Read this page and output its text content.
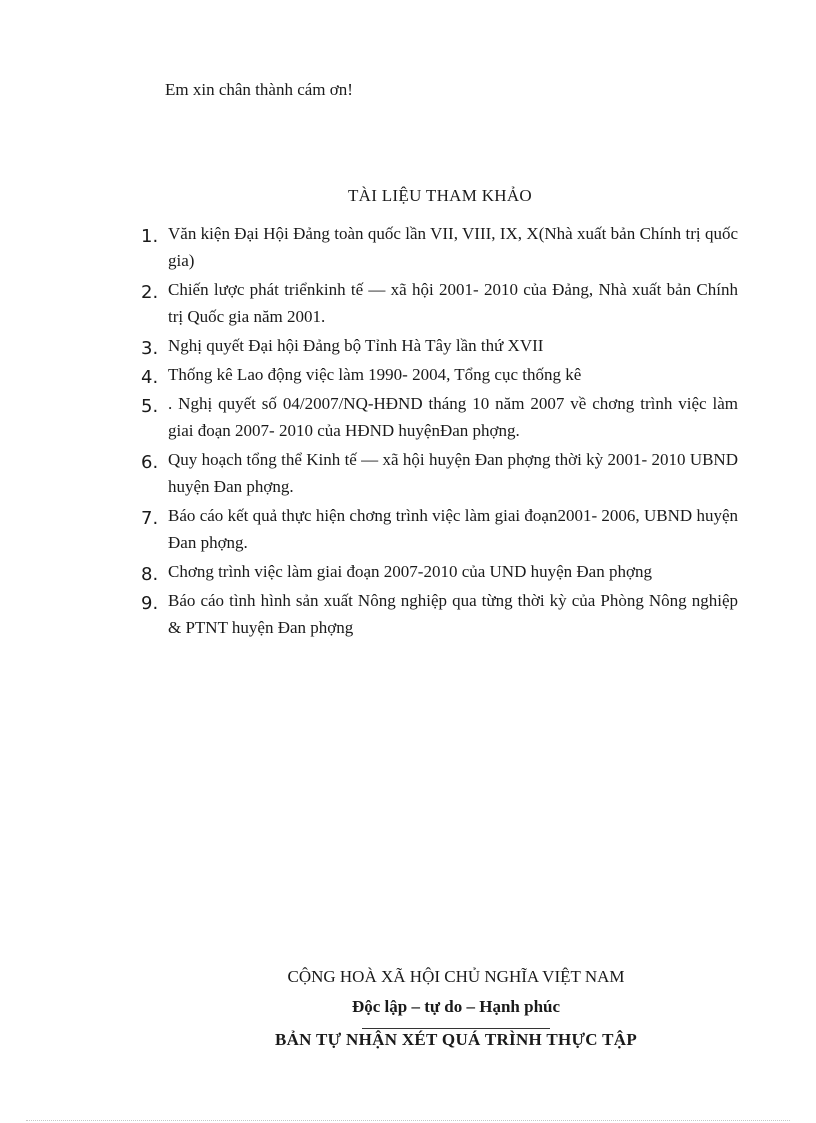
Em xin chân thành cám ơn!
TÀI LIỆU THAM KHẢO
1. Văn kiện Đại Hội Đảng toàn quốc lần VII, VIII, IX, X(Nhà xuất bản Chính trị quốc gia)
2. Chiến lược phát triểnkinh tế — xã hội 2001- 2010 của Đảng, Nhà xuất bản Chính trị Quốc gia năm 2001.
3. Nghị quyết Đại hội Đảng bộ Tỉnh Hà Tây lần thứ XVII
4. Thống kê Lao động việc làm 1990- 2004, Tổng cục thống kê
5. . Nghị quyết số 04/2007/NQ-HĐND tháng 10 năm 2007 về chơng trình việc làm giai đoạn 2007- 2010 của HĐND huyệnĐan phợng.
6. Quy hoạch tổng thể Kinh tế — xã hội huyện Đan phợng thời kỳ 2001- 2010 UBND huyện Đan phợng.
7. Báo cáo kết quả thực hiện chơng trình việc làm giai đoạn2001- 2006, UBND huyện Đan phợng.
8. Chơng trình việc làm giai đoạn 2007-2010 của UND huyện Đan phợng
9. Báo cáo tình hình sản xuất Nông nghiệp qua từng thời kỳ của Phòng Nông nghiệp & PTNT huyện Đan phợng

CỘNG HOÀ XÃ HỘI CHỦ NGHĨA VIỆT NAM

Độc lập – tự do – Hạnh phúc

BẢN TỰ NHẬN XÉT QUÁ TRÌNH THỰC TẬP
